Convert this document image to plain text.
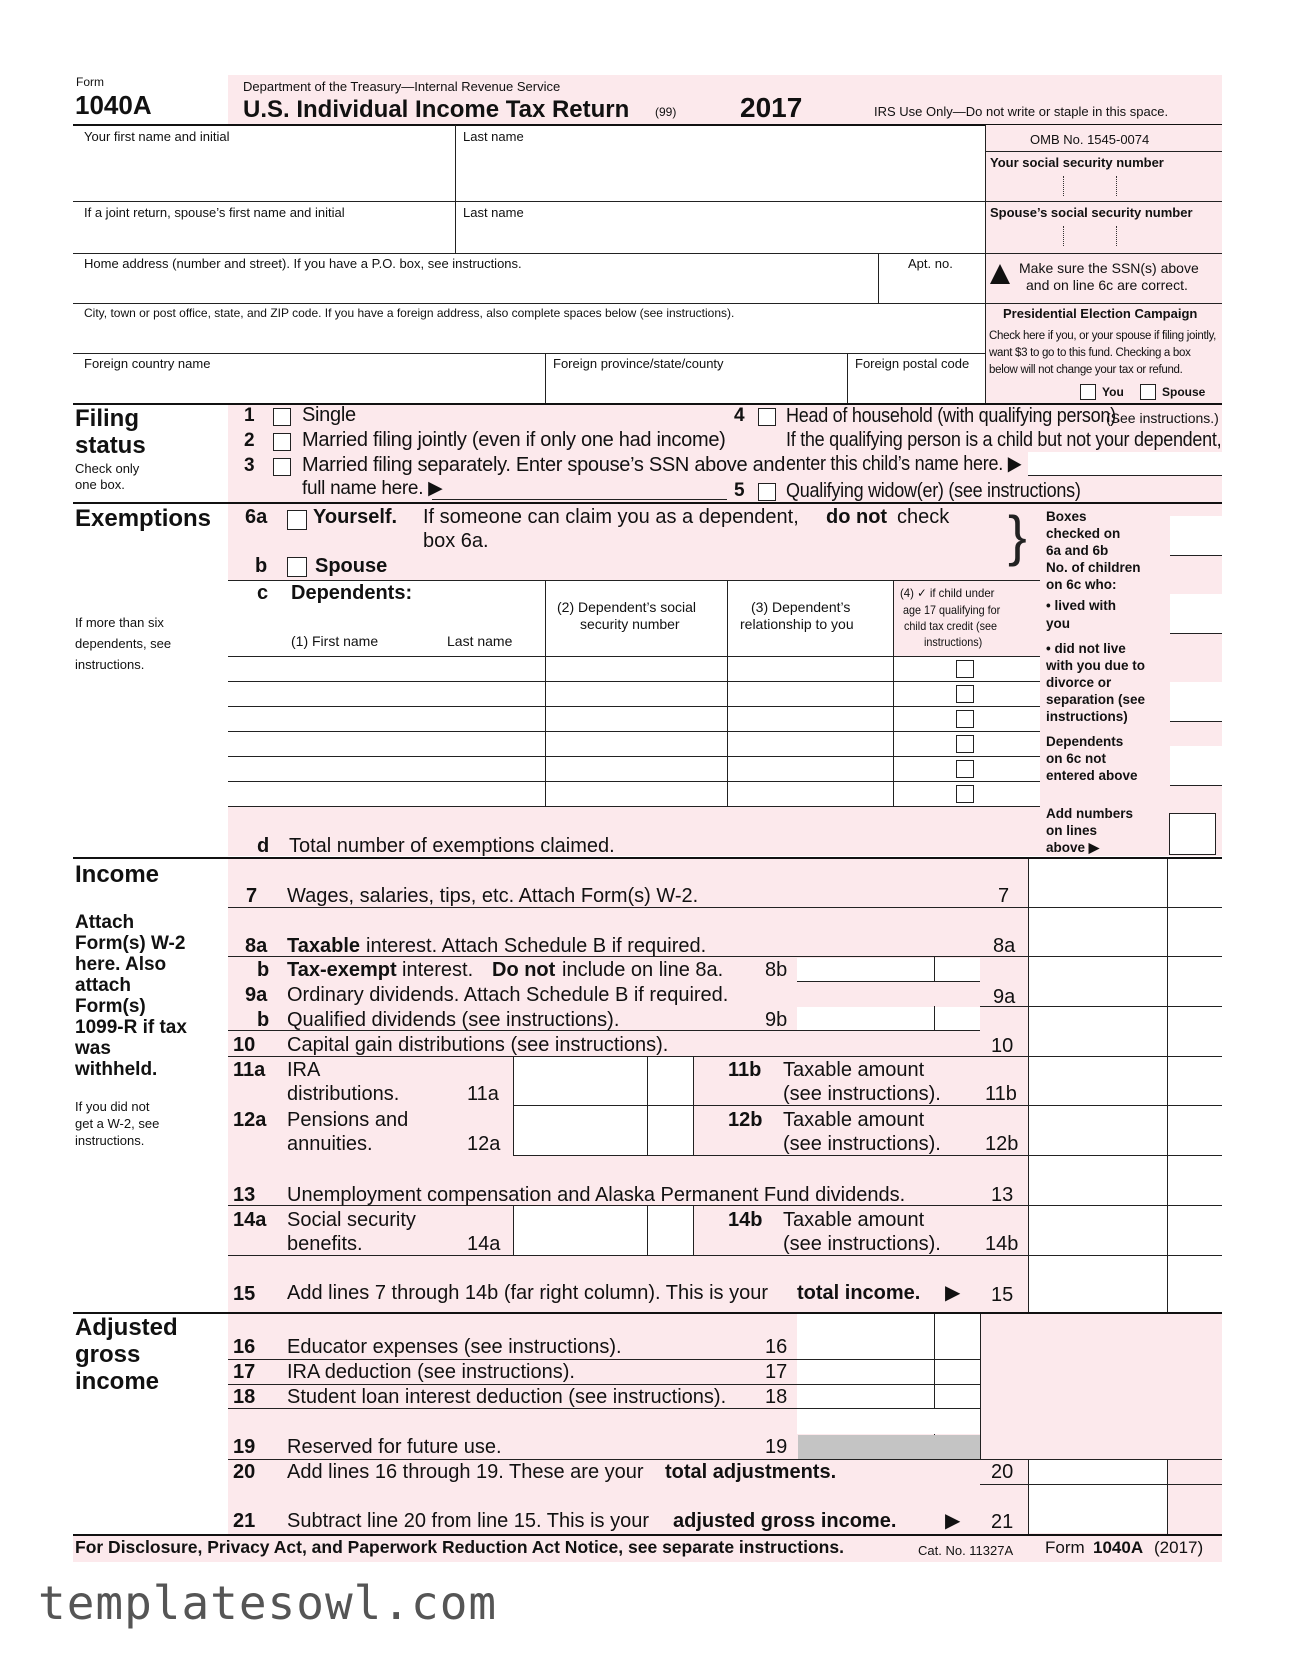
Form
1040A
Department of the Treasury—Internal Revenue Service
U.S. Individual Income Tax Return (99) 2017	IRS Use Only—Do not write or staple in this space.
Your first name and initial	Last name	OMB No. 1545-0074
Your social security number
If a joint return, spouse’s first name and initial	Last name	Spouse’s social security number
Home address (number and street). If you have a P.O. box, see instructions.	Apt. no.	Make sure the SSN(s) above
and on line 6c are correct.
City, town or post office, state, and ZIP code. If you have a foreign address, also complete spaces below (see instructions).	Presidential Election Campaign
Check here if you, or your spouse if filing jointly, want $3 to go to this fund. Checking a box below will not change your tax or refund.
Foreign country name	Foreign province/state/county	Foreign postal code
You	Spouse
Filing
status
Check only
one box.
1 Single
2 Married filing jointly (even if only one had income)
3 Married filing separately. Enter spouse’s SSN above and
full name here. ▶
4 Head of household (with qualifying person).
(See instructions.)
If the qualifying person is a child but not your dependent,
enter this child’s name here. ▶
5 Qualifying widow(er) (see instructions)
Exemptions 6a Yourself. If someone can claim you as a dependent, do not check
box 6a.	}
b Spouse
c Dependents:
(1) First name	Last name
(2) Dependent’s social
security number
(3) Dependent’s
relationship to you
(4) ✓ if child under
age 17 qualifying for
child tax credit (see
instructions)
If more than six
dependents, see
instructions.
Boxes
checked on
6a and 6b
No. of children
on 6c who:
• lived with
you
• did not live
with you due to
divorce or
separation (see
instructions)
Dependents
on 6c not
entered above
Add numbers
on lines
above ▶
d Total number of exemptions claimed.
Income
Attach
Form(s) W-2
here. Also
attach
Form(s)
1099-R if tax
was
withheld.
If you did not
get a W-2, see
instructions.
7 Wages, salaries, tips, etc. Attach Form(s) W-2.	7
8a Taxable interest. Attach Schedule B if required.	8a
b Tax-exempt interest. Do not include on line 8a. 8b
9a Ordinary dividends. Attach Schedule B if required.	9a
b Qualified dividends (see instructions).	9b
10 Capital gain distributions (see instructions).	10
11a IRA
distributions.	11a
11b Taxable amount
(see instructions). 11b
12a Pensions and
annuities.	12a
12b Taxable amount
(see instructions). 12b
13 Unemployment compensation and Alaska Permanent Fund dividends.	13
14a Social security
benefits.	14a
14b Taxable amount
(see instructions). 14b
15 Add lines 7 through 14b (far right column). This is your total income. ▶ 15
Adjusted
gross
income
16 Educator expenses (see instructions).	16
17 IRA deduction (see instructions).	17
18 Student loan interest deduction (see instructions). 18
19 Reserved for future use.	19
20 Add lines 16 through 19. These are your total adjustments.	20
21 Subtract line 20 from line 15. This is your adjusted gross income. ▶ 21
For Disclosure, Privacy Act, and Paperwork Reduction Act Notice, see separate instructions.	Cat. No. 11327A Form 1040A (2017)
templatesowl.com
